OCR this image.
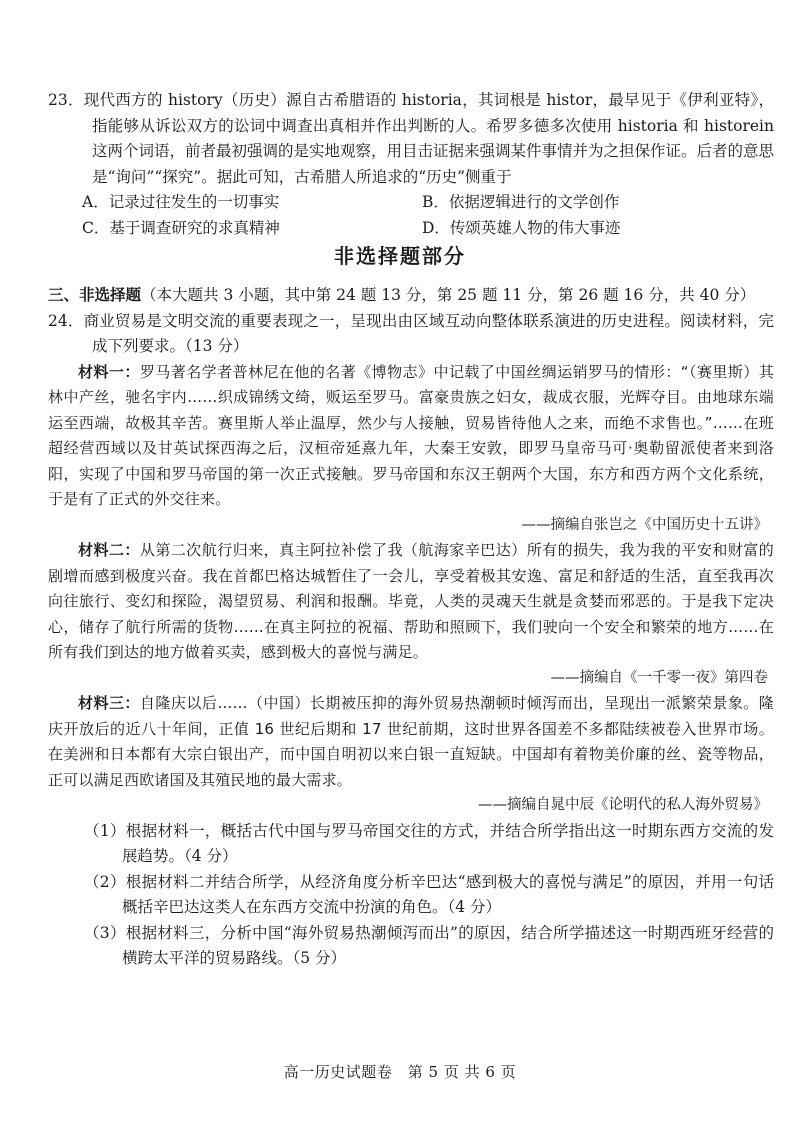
23．现代西方的 history（历史）源自古希腊语的 historia，其词根是 histor，最早见于《伊利亚特》，指能够从诉讼双方的讼词中调查出真相并作出判断的人。希罗多德多次使用 historia 和 historein 这两个词语，前者最初强调的是实地观察，用目击证据来强调某件事情并为之担保作证。后者的意思是“询问”“探究”。据此可知，古希腊人所追求的“历史”侧重于

A．记录过往发生的一切事实	B．依据逻辑进行的文学创作
C．基于调查研究的求真精神	D．传颂英雄人物的伟大事迹
非选择题部分

三、非选择题（本大题共 3 小题，其中第 24 题 13 分，第 25 题 11 分，第 26 题 16 分，共 40 分）

24．商业贸易是文明交流的重要表现之一，呈现出由区域互动向整体联系演进的历史进程。阅读材料，完成下列要求。（13 分）

材料一：罗马著名学者普林尼在他的名著《博物志》中记载了中国丝绸运销罗马的情形：“（赛里斯）其林中产丝，驰名宇内……织成锦绣文绮，贩运至罗马。富豪贵族之妇女，裁成衣服，光辉夺目。由地球东端运至西端，故极其辛苦。赛里斯人举止温厚，然少与人接触，贸易皆待他人之来，而绝不求售也。”……在班超经营西域以及甘英试探西海之后，汉桓帝延熹九年，大秦王安敦，即罗马皇帝马可·奥勒留派使者来到洛阳，实现了中国和罗马帝国的第一次正式接触。罗马帝国和东汉王朝两个大国，东方和西方两个文化系统，于是有了正式的外交往来。

——摘编自张岂之《中国历史十五讲》

材料二：从第二次航行归来，真主阿拉补偿了我（航海家辛巴达）所有的损失，我为我的平安和财富的剧增而感到极度兴奋。我在首都巴格达城暂住了一会儿，享受着极其安逸、富足和舒适的生活，直至我再次向往旅行、变幻和探险，渴望贸易、利润和报酬。毕竟，人类的灵魂天生就是贪婪而邪恶的。于是我下定决心，储存了航行所需的货物……在真主阿拉的祝福、帮助和照顾下，我们驶向一个安全和繁荣的地方……在所有我们到达的地方做着买卖，感到极大的喜悦与满足。

——摘编自《一千零一夜》第四卷

材料三：自隆庆以后……（中国）长期被压抑的海外贸易热潮顿时倾泻而出，呈现出一派繁荣景象。隆庆开放后的近八十年间，正值 16 世纪后期和 17 世纪前期，这时世界各国差不多都陆续被卷入世界市场。在美洲和日本都有大宗白银出产，而中国自明初以来白银一直短缺。中国却有着物美价廉的丝、瓷等物品，正可以满足西欧诸国及其殖民地的最大需求。

——摘编自晁中辰《论明代的私人海外贸易》

（1）根据材料一，概括古代中国与罗马帝国交往的方式，并结合所学指出这一时期东西方交流的发展趋势。（4 分）

（2）根据材料二并结合所学，从经济角度分析辛巴达“感到极大的喜悦与满足”的原因，并用一句话概括辛巴达这类人在东西方交流中扮演的角色。（4 分）

（3）根据材料三，分析中国“海外贸易热潮倾泻而出”的原因，结合所学描述这一时期西班牙经营的横跨太平洋的贸易路线。（5 分）

高一历史试题卷　第 5 页 共 6 页
